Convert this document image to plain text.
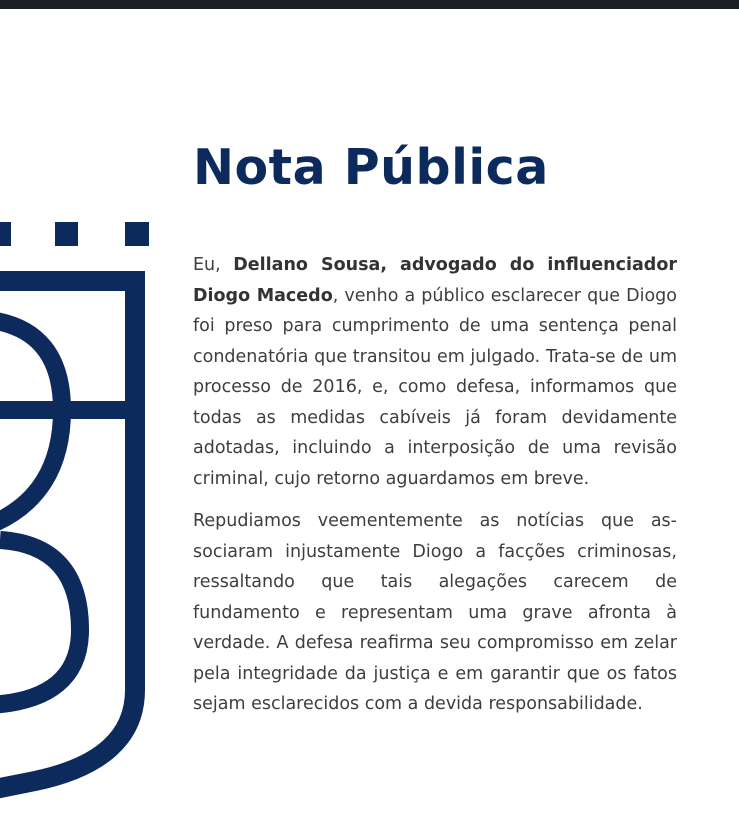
Nota Pública

Eu, Dellano Sousa, advogado do influenciador Diogo Macedo, venho a público esclarecer que Diogo foi preso para cumprimento de uma sentença penal condenatória que transitou em julgado. Trata-se de um processo de 2016, e, como defesa, informamos que todas as medidas cabíveis já foram devidamente adotadas, incluindo a interposição de uma revisão criminal, cujo retorno aguardamos em breve.

Repudiamos veementemente as notícias que associaram injustamente Diogo a facções criminosas, ressaltando que tais alegações carecem de fundamento e representam uma grave afronta à verdade. A defesa reafirma seu compromisso em zelar pela integridade da justiça e em garantir que os fatos sejam esclarecidos com a devida responsabilidade.
